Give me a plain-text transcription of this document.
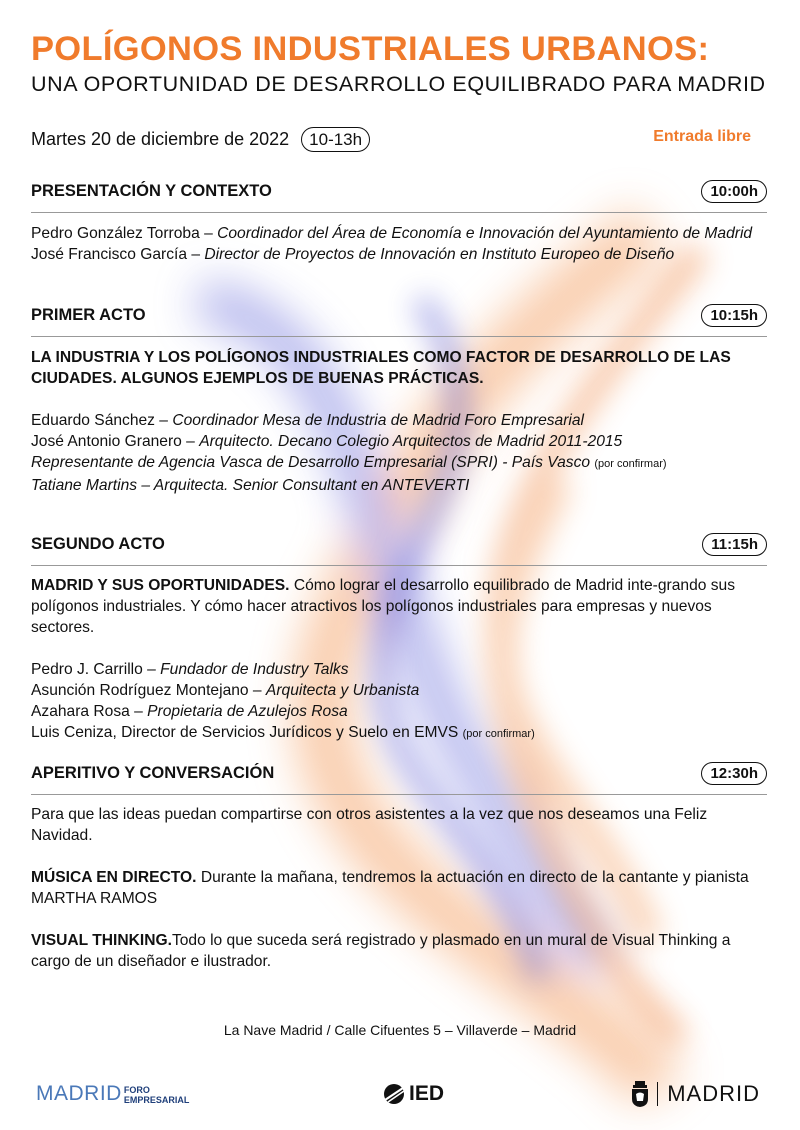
POLÍGONOS INDUSTRIALES URBANOS:
UNA OPORTUNIDAD DE DESARROLLO EQUILIBRADO PARA MADRID
Martes 20 de diciembre de 2022 10-13h	Entrada libre
PRESENTACIÓN Y CONTEXTO	10:00h

Pedro González Torroba – Coordinador del Área de Economía e Innovación del Ayuntamiento de Madrid

José Francisco García – Director de Proyectos de Innovación en Instituto Europeo de Diseño

PRIMER ACTO	10:15h

LA INDUSTRIA Y LOS POLÍGONOS INDUSTRIALES COMO FACTOR DE DESARROLLO DE LAS CIUDADES. ALGUNOS EJEMPLOS DE BUENAS PRÁCTICAS.

Eduardo Sánchez – Coordinador Mesa de Industria de Madrid Foro Empresarial

José Antonio Granero – Arquitecto. Decano Colegio Arquitectos de Madrid 2011-2015

Representante de Agencia Vasca de Desarrollo Empresarial (SPRI) - País Vasco (por confirmar)

Tatiane Martins – Arquitecta. Senior Consultant en ANTEVERTI

SEGUNDO ACTO	11:15h

MADRID Y SUS OPORTUNIDADES. Cómo lograr el desarrollo equilibrado de Madrid inte-grando sus polígonos industriales. Y cómo hacer atractivos los polígonos industriales para empresas y nuevos sectores.

Pedro J. Carrillo – Fundador de Industry Talks

Asunción Rodríguez Montejano – Arquitecta y Urbanista

Azahara Rosa – Propietaria de Azulejos Rosa

Luis Ceniza, Director de Servicios Jurídicos y Suelo en EMVS (por confirmar)

APERITIVO Y CONVERSACIÓN	12:30h

Para que las ideas puedan compartirse con otros asistentes a la vez que nos deseamos una Feliz Navidad.

MÚSICA EN DIRECTO. Durante la mañana, tendremos la actuación en directo de la cantante y pianista MARTHA RAMOS

VISUAL THINKING.Todo lo que suceda será registrado y plasmado en un mural de Visual Thinking a cargo de un diseñador e ilustrador.

La Nave Madrid / Calle Cifuentes 5 – Villaverde – Madrid
MADRID FORO
EMPRESARIAL	IED	MADRID
